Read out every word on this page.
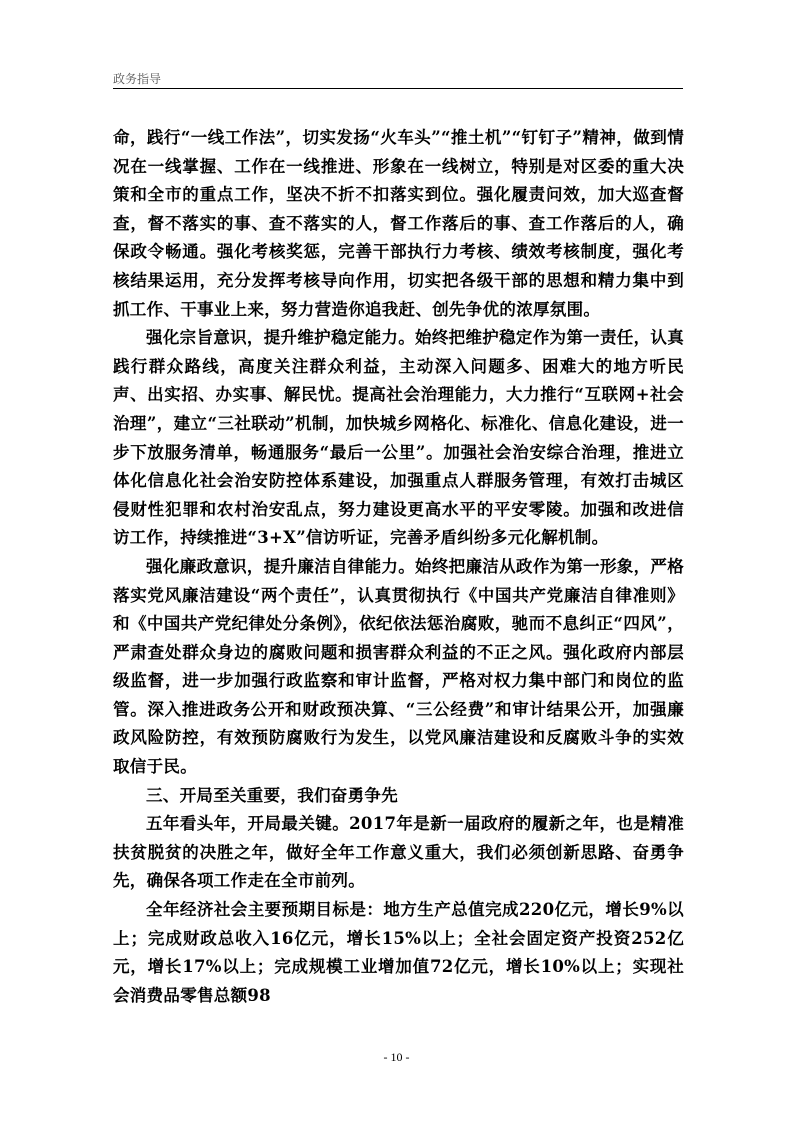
政务指导

命，践行“一线工作法”，切实发扬“火车头”“推土机”“钉钉子”精神，做到情况在一线掌握、工作在一线推进、形象在一线树立，特别是对区委的重大决策和全市的重点工作，坚决不折不扣落实到位。强化履责问效，加大巡查督查，督不落实的事、查不落实的人，督工作落后的事、查工作落后的人，确保政令畅通。强化考核奖惩，完善干部执行力考核、绩效考核制度，强化考核结果运用，充分发挥考核导向作用，切实把各级干部的思想和精力集中到抓工作、干事业上来，努力营造你追我赶、创先争优的浓厚氛围。

强化宗旨意识，提升维护稳定能力。始终把维护稳定作为第一责任，认真践行群众路线，高度关注群众利益，主动深入问题多、困难大的地方听民声、出实招、办实事、解民忧。提高社会治理能力，大力推行“互联网+社会治理”，建立“三社联动”机制，加快城乡网格化、标准化、信息化建设，进一步下放服务清单，畅通服务“最后一公里”。加强社会治安综合治理，推进立体化信息化社会治安防控体系建设，加强重点人群服务管理，有效打击城区侵财性犯罪和农村治安乱点，努力建设更高水平的平安零陵。加强和改进信访工作，持续推进“3+X”信访听证，完善矛盾纠纷多元化解机制。

强化廉政意识，提升廉洁自律能力。始终把廉洁从政作为第一形象，严格落实党风廉洁建设“两个责任”，认真贯彻执行《中国共产党廉洁自律准则》和《中国共产党纪律处分条例》，依纪依法惩治腐败，驰而不息纠正“四风”，严肃查处群众身边的腐败问题和损害群众利益的不正之风。强化政府内部层级监督，进一步加强行政监察和审计监督，严格对权力集中部门和岗位的监管。深入推进政务公开和财政预决算、“三公经费”和审计结果公开，加强廉政风险防控，有效预防腐败行为发生，以党风廉洁建设和反腐败斗争的实效取信于民。

三、开局至关重要，我们奋勇争先

五年看头年，开局最关键。2017年是新一届政府的履新之年，也是精准扶贫脱贫的决胜之年，做好全年工作意义重大，我们必须创新思路、奋勇争先，确保各项工作走在全市前列。

全年经济社会主要预期目标是：地方生产总值完成220亿元，增长9%以上；完成财政总收入16亿元，增长15%以上；全社会固定资产投资252亿元，增长17%以上；完成规模工业增加值72亿元，增长10%以上；实现社会消费品零售总额98

- 10 -
